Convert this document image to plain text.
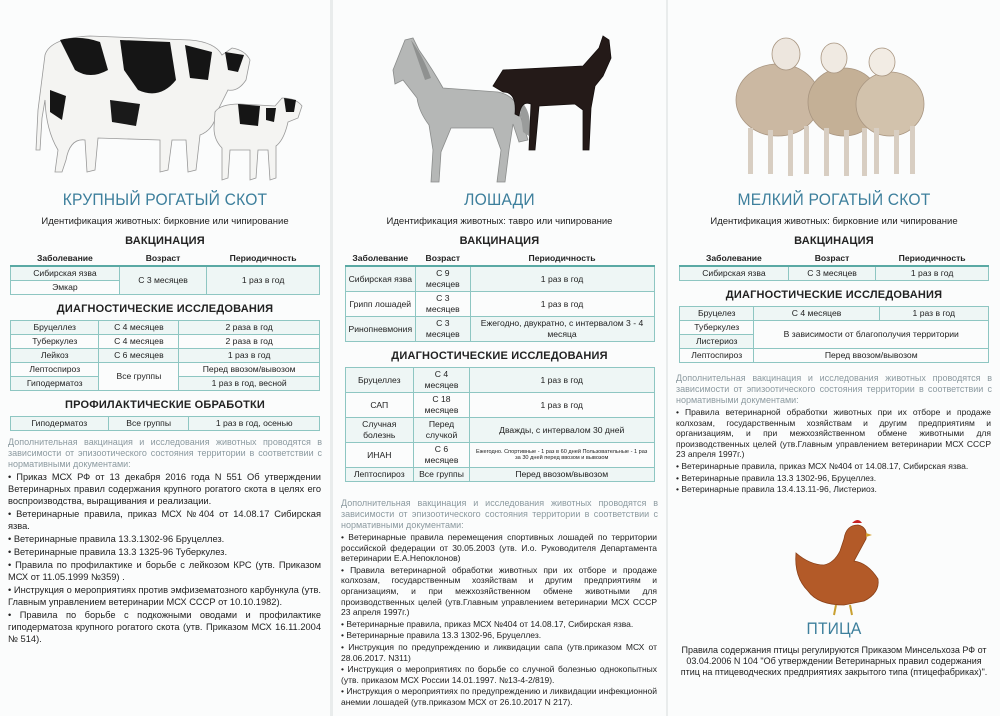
КРУПНЫЙ РОГАТЫЙ СКОТ
Идентификация животных: бирковние или чипирование
ВАКЦИНАЦИЯ
Заболевание	Возраст	Периодичность
Сибирская язва	С 3 месяцев	1 раз в год
Эмкар		
ДИАГНОСТИЧЕСКИЕ ИССЛЕДОВАНИЯ
Бруцеллез	С 4 месяцев	2 раза в год
Туберкулез	С 4 месяцев	2 раза в год
Лейкоз	С 6 месяцев	1 раз в год
Лептоспироз	Все группы	Перед ввозом/вывозом
Гиподерматоз		1 раз в год, весной
ПРОФИЛАКТИЧЕСКИЕ ОБРАБОТКИ
Гиподерматоз	Все группы	1 раз в год, осенью
Дополнительная вакцинация и исследования животных проводятся в зависимости от эпизоотического состояния территории в соответствии с нормативными документами:

• Приказ МСХ РФ от 13 декабря 2016 года N 551 Об утверждении Ветеринарных правил содержания крупного рогатого скота в целях его воспроизводства, выращивания и реализации.

• Ветеринарные правила, приказ МСХ №404 от 14.08.17 Сибирская язва.

• Ветеринарные правила 13.3.1302-96 Бруцеллез.

• Ветеринарные правила 13.3 1325-96 Туберкулез.

• Правила по профилактике и борьбе с лейкозом КРС (утв. Приказом МСХ от 11.05.1999 №359) .

• Инструкция о мероприятиях против эмфизематозного карбункула (утв. Главным управлением ветеринарии МСХ СССР от 10.10.1982).

• Правила по борьбе с подкожными оводами и профилактике гиподерматоза крупного рогатого скота (утв. Приказом МСХ 16.11.2004 № 514).

ЛОШАДИ
Идентификация животных: тавро или чипирование
ВАКЦИНАЦИЯ
Заболевание	Возраст	Периодичность
Сибирская язва	С 9 месяцев	1 раз в год
Грипп лошадей	С 3 месяцев	1 раз в год
Ринопневмония	С 3 месяцев	Ежегодно, двукратно, с интервалом 3 - 4 месяца
ДИАГНОСТИЧЕСКИЕ ИССЛЕДОВАНИЯ
Бруцеллез	С 4 месяцев	1 раз в год
САП	С 18 месяцев	1 раз в год
Случная болезнь	Перед случкой	Дважды, с интервалом 30 дней
ИНАН	С 6 месяцев	Ежегодно. Спортивные - 1 раз в 60 дней Пользовательные - 1 раз за 30 дней перед ввозом и вывозом
Лептоспироз	Все группы	Перед ввозом/вывозом
Дополнительная вакцинация и исследования животных проводятся в зависимости от эпизоотического состояния территории в соответствии с нормативными документами:

• Ветеринарные правила перемещения спортивных лошадей по территории российской федерации от 30.05.2003 (утв. И.о. Руководителя Департамента ветеринарии Е.А.Непоклонов)

• Правила ветеринарной обработки животных при их отборе и продаже колхозам, государственным хозяйствам и другим предприятиям и организациям, и при межхозяйственном обмене животными для производственных целей (утв.Главным управлением ветеринарии МСХ СССР 23 апреля 1997г.)

• Ветеринарные правила, приказ МСХ №404 от 14.08.17, Сибирская язва.

• Ветеринарные правила 13.3 1302-96, Бруцеллез.

• Инструкция по предупреждению и ликвидации сапа (утв.приказом МСХ от 28.06.2017. N311)

• Инструкция о мероприятиях по борьбе со случной болезнью однокопытных (утв. приказом МСХ России 14.01.1997. №13-4-2/819).

• Инструкция о мероприятиях по предупреждению и ликвидации инфекционной анемии лошадей (утв.приказом МСХ от 26.10.2017 N 217).

МЕЛКИЙ РОГАТЫЙ СКОТ
Идентификация животных: бирковние или чипирование
ВАКЦИНАЦИЯ
Заболевание	Возраст	Периодичность
Сибирская язва	С 3 месяцев	1 раз в год
ДИАГНОСТИЧЕСКИЕ ИССЛЕДОВАНИЯ
Бруцелез	С 4 месяцев	1 раз в год
Туберкулез	В зависимости от благополучия территории	
Листериоз		
Лептоспироз	Перед ввозом/вывозом	
Дополнительная вакцинация и исследования животных проводятся в зависимости от эпизоотического состояния территории в соответствии с нормативными документами:

• Правила ветеринарной обработки животных при их отборе и продаже колхозам, государственным хозяйствам и другим предприятиям и организациям, и при межхозяйственном обмене животными для производственных целей (утв.Главным управлением ветеринарии МСХ СССР 23 апреля 1997г.)

• Ветеринарные правила, приказ МСХ №404 от 14.08.17, Сибирская язва.

• Ветеринарные правила 13.3 1302-96, Бруцеллез.

• Ветеринарные правила 13.4.13.11-96, Листериоз.

ПТИЦА
Правила содержания птицы регулируются Приказом Минсельхоза РФ от 03.04.2006 N 104 "Об утверждении Ветеринарных правил содержания птиц на птицеводческих предприятиях закрытого типа (птицефабриках)".
